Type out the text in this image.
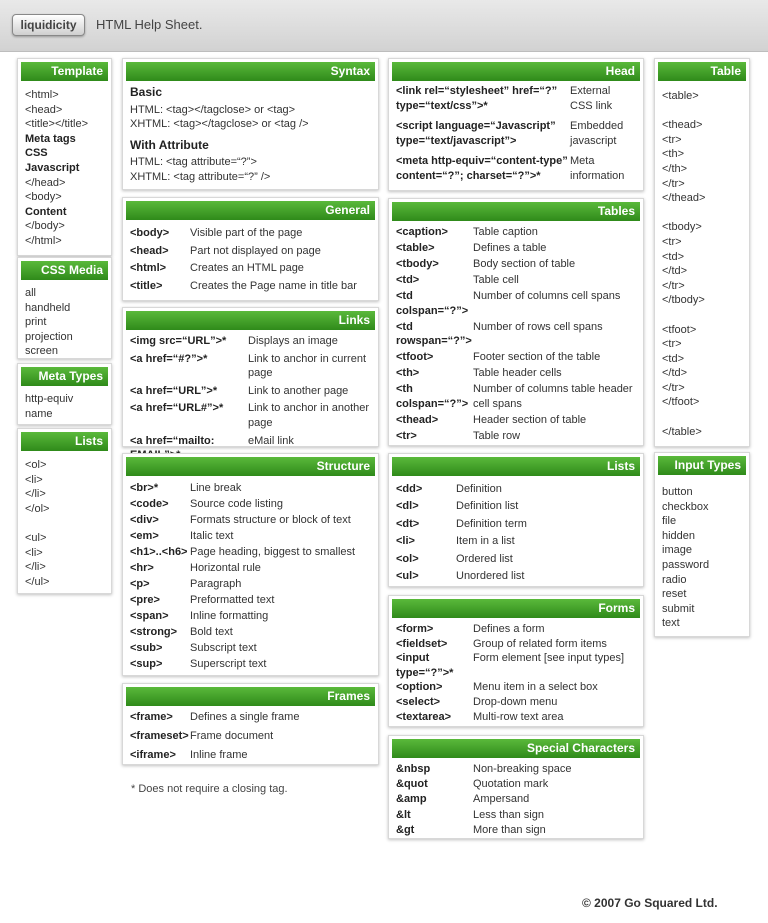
liquidicity	HTML Help Sheet.
Template
<html>
<head>
<title></title>
Meta tags
CSS
Javascript
</head>
<body>
Content
</body>
</html>
CSS Media
all
handheld
print
projection
screen
Meta Types
http-equiv
name
Lists
<ol>
<li>
</li>
</ol>
<ul>
<li>
</li>
</ul>
Syntax
Basic
HTML: <tag></tagclose> or <tag>
XHTML: <tag></tagclose> or <tag />
With Attribute
HTML: <tag attribute=“?”>
XHTML: <tag attribute=“?” />
General
<body>	Visible part of the page
<head>	Part not displayed on page
<html>	Creates an HTML page
<title>	Creates the Page name in title bar
Links
<img src=“URL”>*	Displays an image
<a href=“#?”>*	Link to anchor in current page
<a href=“URL”>*	Link to another page
<a href=“URL#”>*	Link to anchor in another page
<a href=“mailto:	eMail link
Structure
<br>*	Line break
<code>	Source code listing
<div>	Formats structure or block of text
<em>	Italic text
<h1>..<h6> Page heading, biggest to smallest
<hr>	Horizontal rule
<p>	Paragraph
<pre>	Preformatted text
<span>	Inline formatting
<strong>	Bold text
<sub>	Subscript text
<sup>	Superscript text
Frames
<frame>	Defines a single frame
<frameset> Frame document
<iframe>	Inline frame
* Does not require a closing tag.
Head
<link rel=“stylesheet” href=“?” type=“text/css”>*
External CSS link
<script language=“Javascript” type=“text/javascript”>
Embedded javascript
<meta http-equiv=“content-type” content=“?”; charset=“?”>*
Meta information
Tables
<caption>	Table caption
<table>	Defines a table
<tbody>	Body section of table
<td>	Table cell
<td colspan=“?”>
Number of columns cell spans
<td rowspan=“?”>
Number of rows cell spans
<tfoot>	Footer section of the table
<th>	Table header cells
<th colspan=“?”>
Number of columns table header cell spans
<thead>	Header section of table
<tr>	Table row
Lists
<dd>	Definition
<dl>	Definition list
<dt>	Definition term
<li>	Item in a list
<ol>	Ordered list
<ul>	Unordered list
Forms
<form>	Defines a form
<fieldset>	Group of related form items
<input type=“?”>*
Form element [see input types]
<option>	Menu item in a select box
<select>	Drop-down menu
<textarea>	Multi-row text area
Special Characters
&nbsp	Non-breaking space
&quot	Quotation mark
&amp	Ampersand
&lt	Less than sign
&gt	More than sign
Table
<table>
<thead>
<tr>
<th>
</th>
</tr>
</thead>
<tbody>
<tr>
<td>
</td>
</tr>
</tbody>
<tfoot>
<tr>
<td>
</td>
</tr>
</tfoot>
</table>
Input Types
button
checkbox
file
hidden
image
password
radio
reset
submit
text
© 2007 Go Squared Ltd.
